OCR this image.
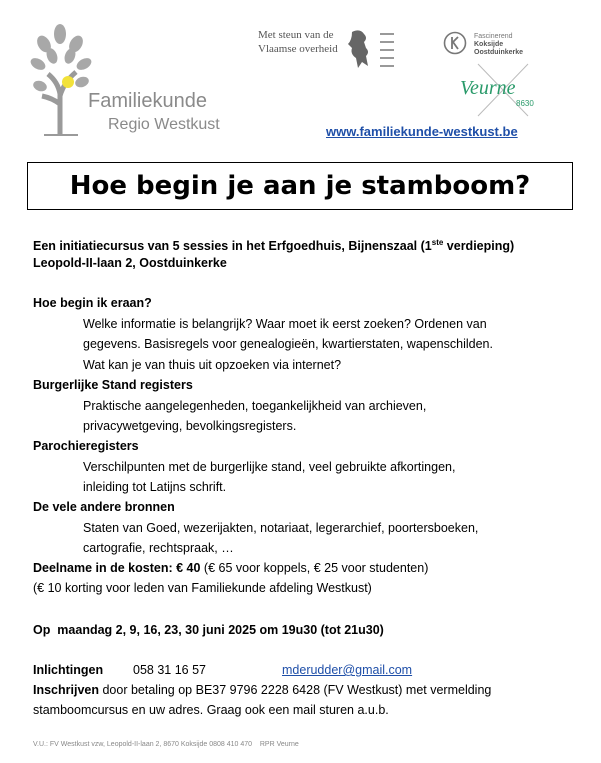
Familiekunde
Regio Westkust
Met steun van de
Vlaamse overheid
Fascinerend
Koksijde
Oostduinkerke
Veurne
8630
www.familiekunde-westkust.be
Hoe begin je aan je stamboom?
Een initiatiecursus van 5 sessies in het Erfgoedhuis, Bijnenszaal (1ste verdieping)
Leopold-II-laan 2, Oostduinkerke
Hoe begin ik eraan?
Welke informatie is belangrijk? Waar moet ik eerst zoeken? Ordenen van
gegevens. Basisregels voor genealogieën, kwartierstaten, wapenschilden.
Wat kan je van thuis uit opzoeken via internet?
Burgerlijke Stand registers
Praktische aangelegenheden, toegankelijkheid van archieven,
privacywetgeving, bevolkingsregisters.
Parochieregisters
Verschilpunten met de burgerlijke stand, veel gebruikte afkortingen,
inleiding tot Latijns schrift.
De vele andere bronnen
Staten van Goed, wezerijakten, notariaat, legerarchief, poortersboeken,
cartografie, rechtspraak, …
Deelname in de kosten: € 40 (€ 65 voor koppels, € 25 voor studenten)
(€ 10 korting voor leden van Familiekunde afdeling Westkust)
Op  maandag 2, 9, 16, 23, 30 juni 2025 om 19u30 (tot 21u30)
Inlichtingen 058 31 16 57	mderudder@gmail.com
Inschrijven door betaling op BE37 9796 2228 6428 (FV Westkust) met vermelding
stamboomcursus en uw adres. Graag ook een mail sturen a.u.b.
V.U.: FV Westkust vzw, Leopold-II-laan 2, 8670 Koksijde 0808 410 470    RPR Veurne
